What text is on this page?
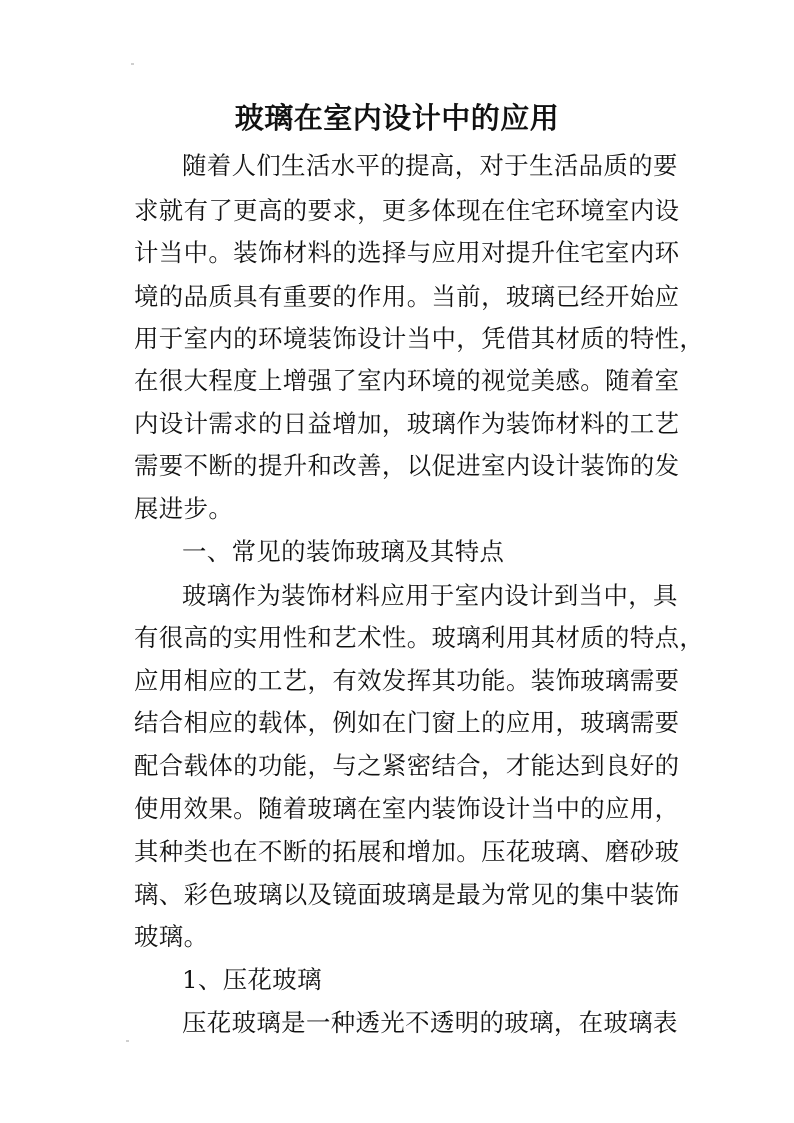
玻璃在室内设计中的应用
随着人们生活水平的提高，对于生活品质的要
求就有了更高的要求，更多体现在住宅环境室内设
计当中。装饰材料的选择与应用对提升住宅室内环
境的品质具有重要的作用。当前，玻璃已经开始应
用于室内的环境装饰设计当中，凭借其材质的特性，
在很大程度上增强了室内环境的视觉美感。随着室
内设计需求的日益增加，玻璃作为装饰材料的工艺
需要不断的提升和改善，以促进室内设计装饰的发
展进步。
一、常见的装饰玻璃及其特点
玻璃作为装饰材料应用于室内设计到当中，具
有很高的实用性和艺术性。玻璃利用其材质的特点，
应用相应的工艺，有效发挥其功能。装饰玻璃需要
结合相应的载体，例如在门窗上的应用，玻璃需要
配合载体的功能，与之紧密结合，才能达到良好的
使用效果。随着玻璃在室内装饰设计当中的应用，
其种类也在不断的拓展和增加。压花玻璃、磨砂玻
璃、彩色玻璃以及镜面玻璃是最为常见的集中装饰
玻璃。
1、压花玻璃
压花玻璃是一种透光不透明的玻璃，在玻璃表
